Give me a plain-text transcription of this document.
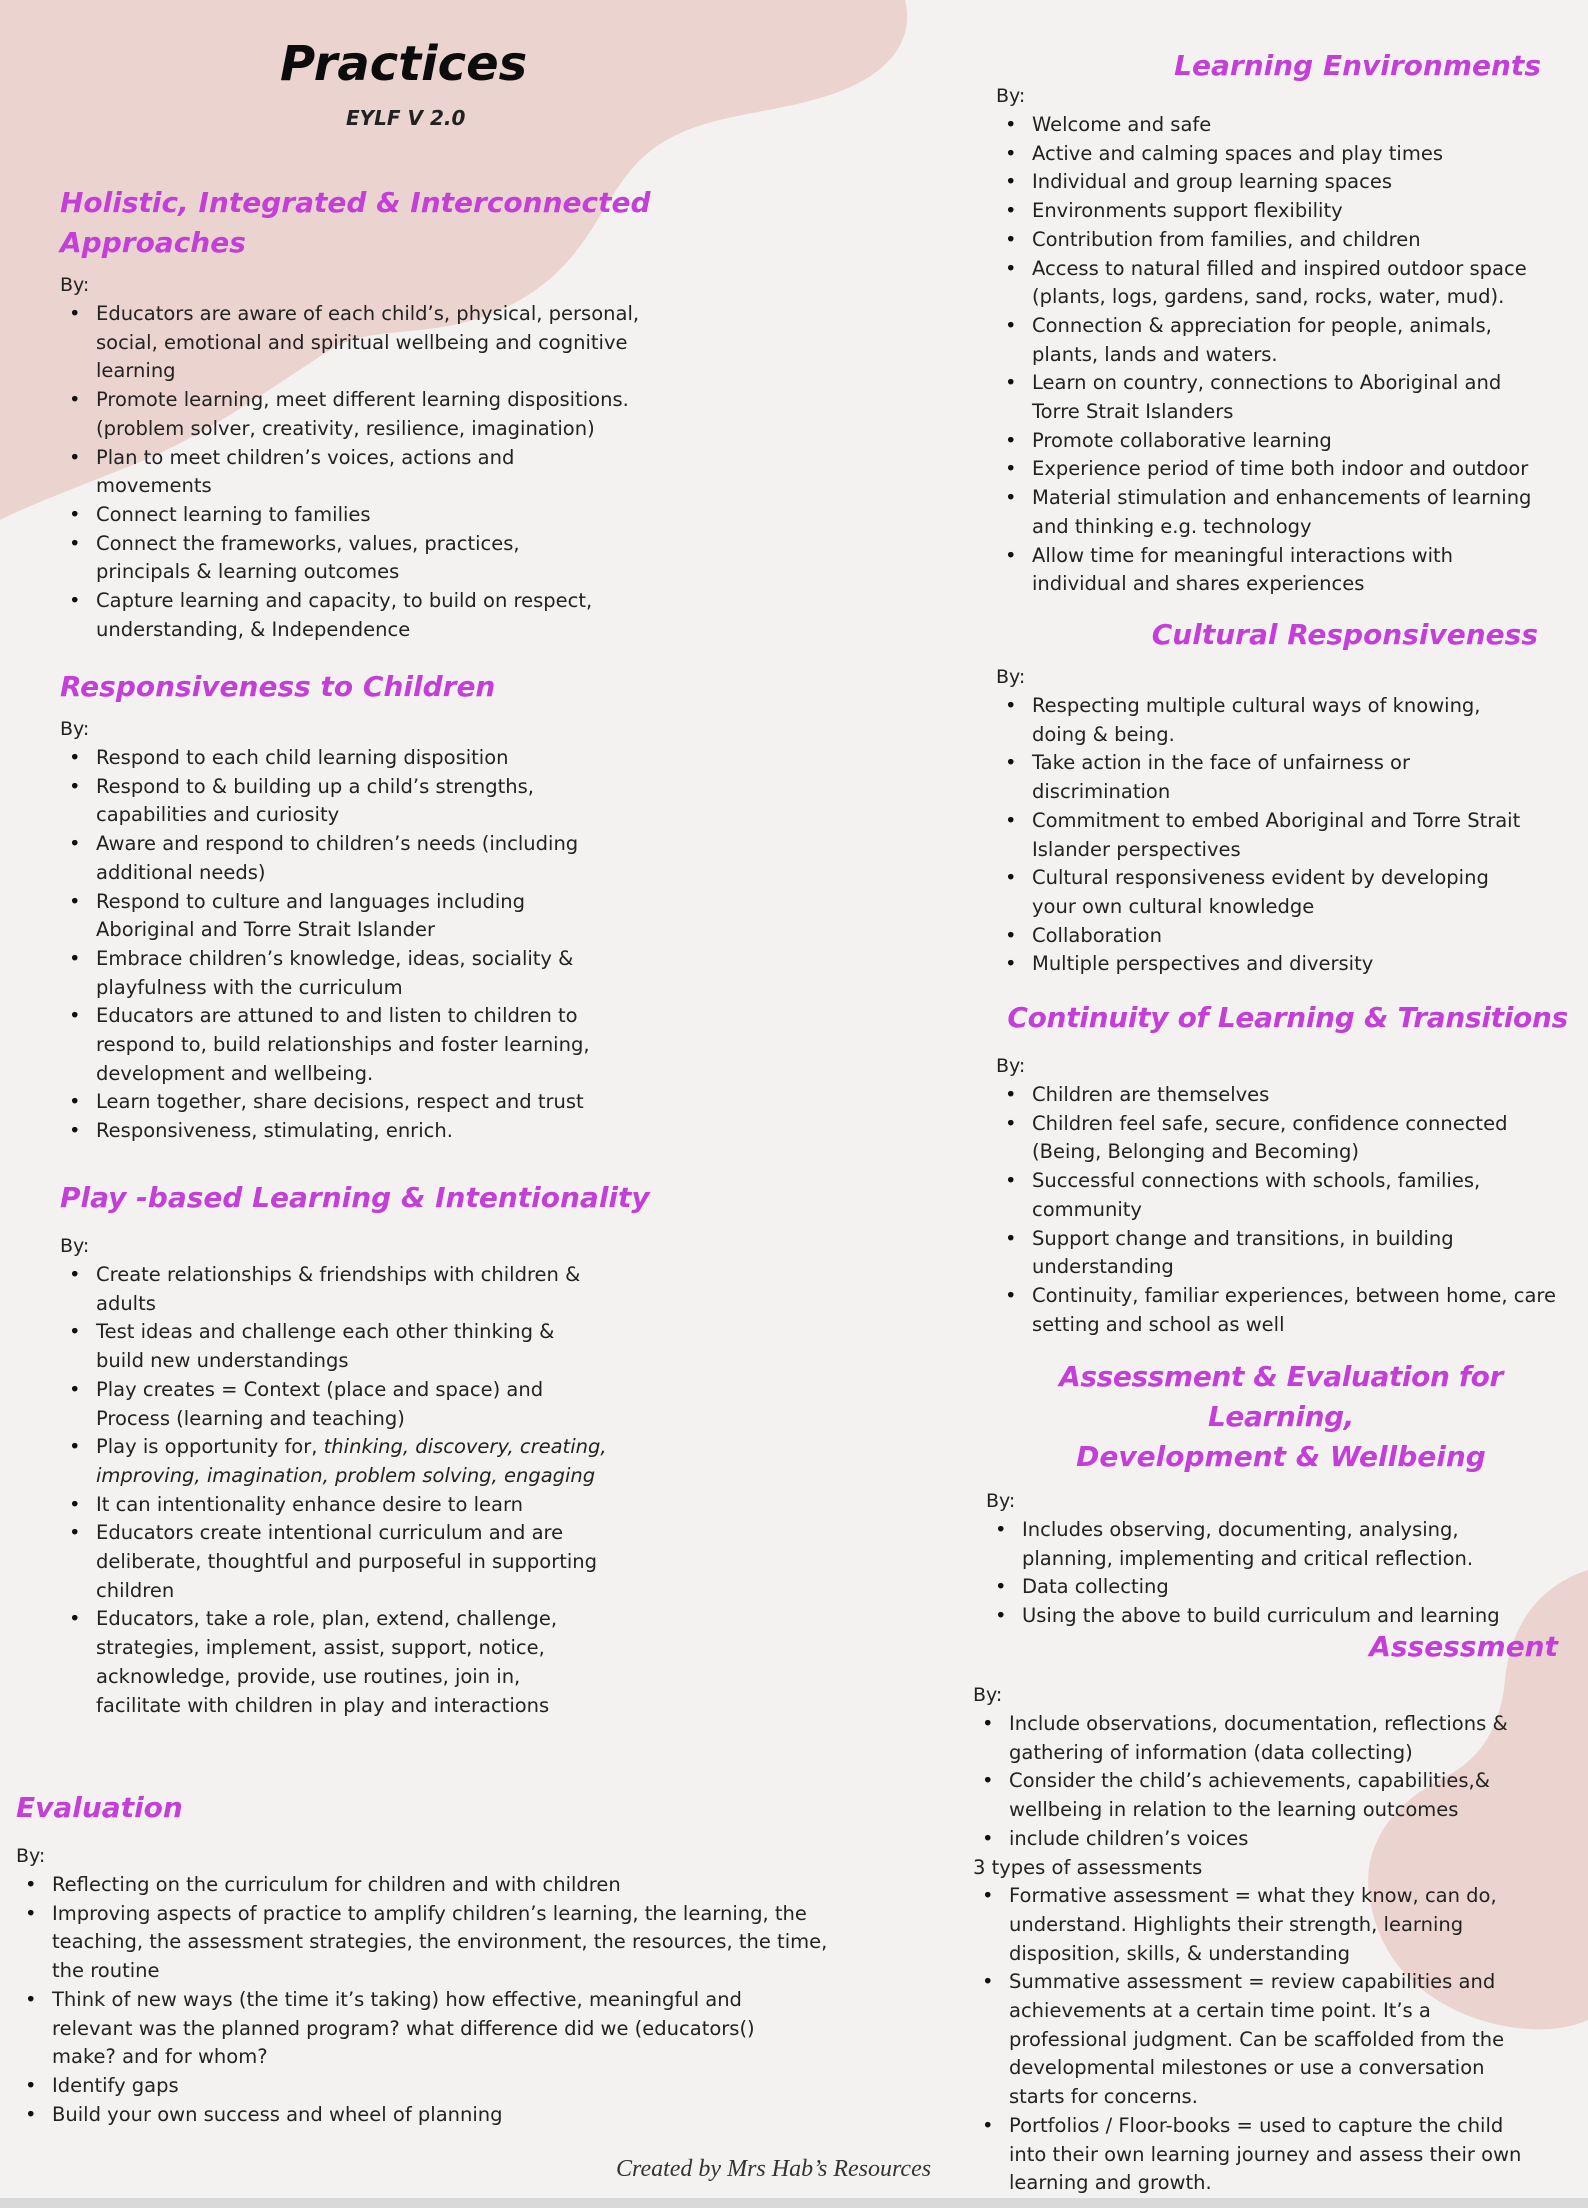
Practices
EYLF V 2.0
Holistic, Integrated & Interconnected Approaches
By:
• Educators are aware of each child’s, physical, personal, social, emotional and spiritual wellbeing and cognitive learning
• Promote learning, meet different learning dispositions. (problem solver, creativity, resilience, imagination)
• Plan to meet children’s voices, actions and movements
• Connect learning to families
• Connect the frameworks, values, practices, principals & learning outcomes
• Capture learning and capacity, to build on respect, understanding, & Independence
Responsiveness to Children
By:
• Respond to each child learning disposition
• Respond to & building up a child’s strengths, capabilities and curiosity
• Aware and respond to children’s needs (including additional needs)
• Respond to culture and languages including Aboriginal and Torre Strait Islander
• Embrace children’s knowledge, ideas, sociality & playfulness with the curriculum
• Educators are attuned to and listen to children to respond to, build relationships and foster learning, development and wellbeing.
• Learn together, share decisions, respect and trust
• Responsiveness, stimulating, enrich.
Play -based Learning & Intentionality
By:
• Create relationships & friendships with children & adults
• Test ideas and challenge each other thinking & build new understandings
• Play creates = Context (place and space) and Process (learning and teaching)
• Play is opportunity for, thinking, discovery, creating, improving, imagination, problem solving, engaging
• It can intentionality enhance desire to learn
• Educators create intentional curriculum and are deliberate, thoughtful and purposeful in supporting children
• Educators, take a role, plan, extend, challenge, strategies, implement, assist, support, notice, acknowledge, provide, use routines, join in, facilitate with children in play and interactions
Evaluation
By:
• Reflecting on the curriculum for children and with children
• Improving aspects of practice to amplify children’s learning, the learning, the teaching, the assessment strategies, the environment, the resources, the time, the routine
• Think of new ways (the time it’s taking) how effective, meaningful and relevant was the planned program? what difference did we (educators() make? and for whom?
• Identify gaps
• Build your own success and wheel of planning
Learning Environments
By:
• Welcome and safe
• Active and calming spaces and play times
• Individual and group learning spaces
• Environments support flexibility
• Contribution from families, and children
• Access to natural filled and inspired outdoor space (plants, logs, gardens, sand, rocks, water, mud).
• Connection & appreciation for people, animals, plants, lands and waters.
• Learn on country, connections to Aboriginal and Torre Strait Islanders
• Promote collaborative learning
• Experience period of time both indoor and outdoor
• Material stimulation and enhancements of learning and thinking e.g. technology
• Allow time for meaningful interactions with individual and shares experiences
Cultural Responsiveness
By:
• Respecting multiple cultural ways of knowing, doing & being.
• Take action in the face of unfairness or discrimination
• Commitment to embed Aboriginal and Torre Strait Islander perspectives
• Cultural responsiveness evident by developing your own cultural knowledge
• Collaboration
• Multiple perspectives and diversity
Continuity of Learning & Transitions
By:
• Children are themselves
• Children feel safe, secure, confidence connected (Being, Belonging and Becoming)
• Successful connections with schools, families, community
• Support change and transitions, in building understanding
• Continuity, familiar experiences, between home, care setting and school as well
Assessment & Evaluation for Learning,
Development & Wellbeing
By:
• Includes observing, documenting, analysing, planning, implementing and critical reflection.
• Data collecting
• Using the above to build curriculum and learning
Assessment
By:
• Include observations, documentation, reflections & gathering of information (data collecting)
• Consider the child’s achievements, capabilities,& wellbeing in relation to the learning outcomes
• include children’s voices
3 types of assessments
• Formative assessment = what they know, can do, understand. Highlights their strength, learning disposition, skills, & understanding
• Summative assessment = review capabilities and achievements at a certain time point. It’s a professional judgment. Can be scaffolded from the developmental milestones or use a conversation starts for concerns.
• Portfolios / Floor-books = used to capture the child into their own learning journey and assess their own learning and growth.
Created by Mrs Hab’s Resources
